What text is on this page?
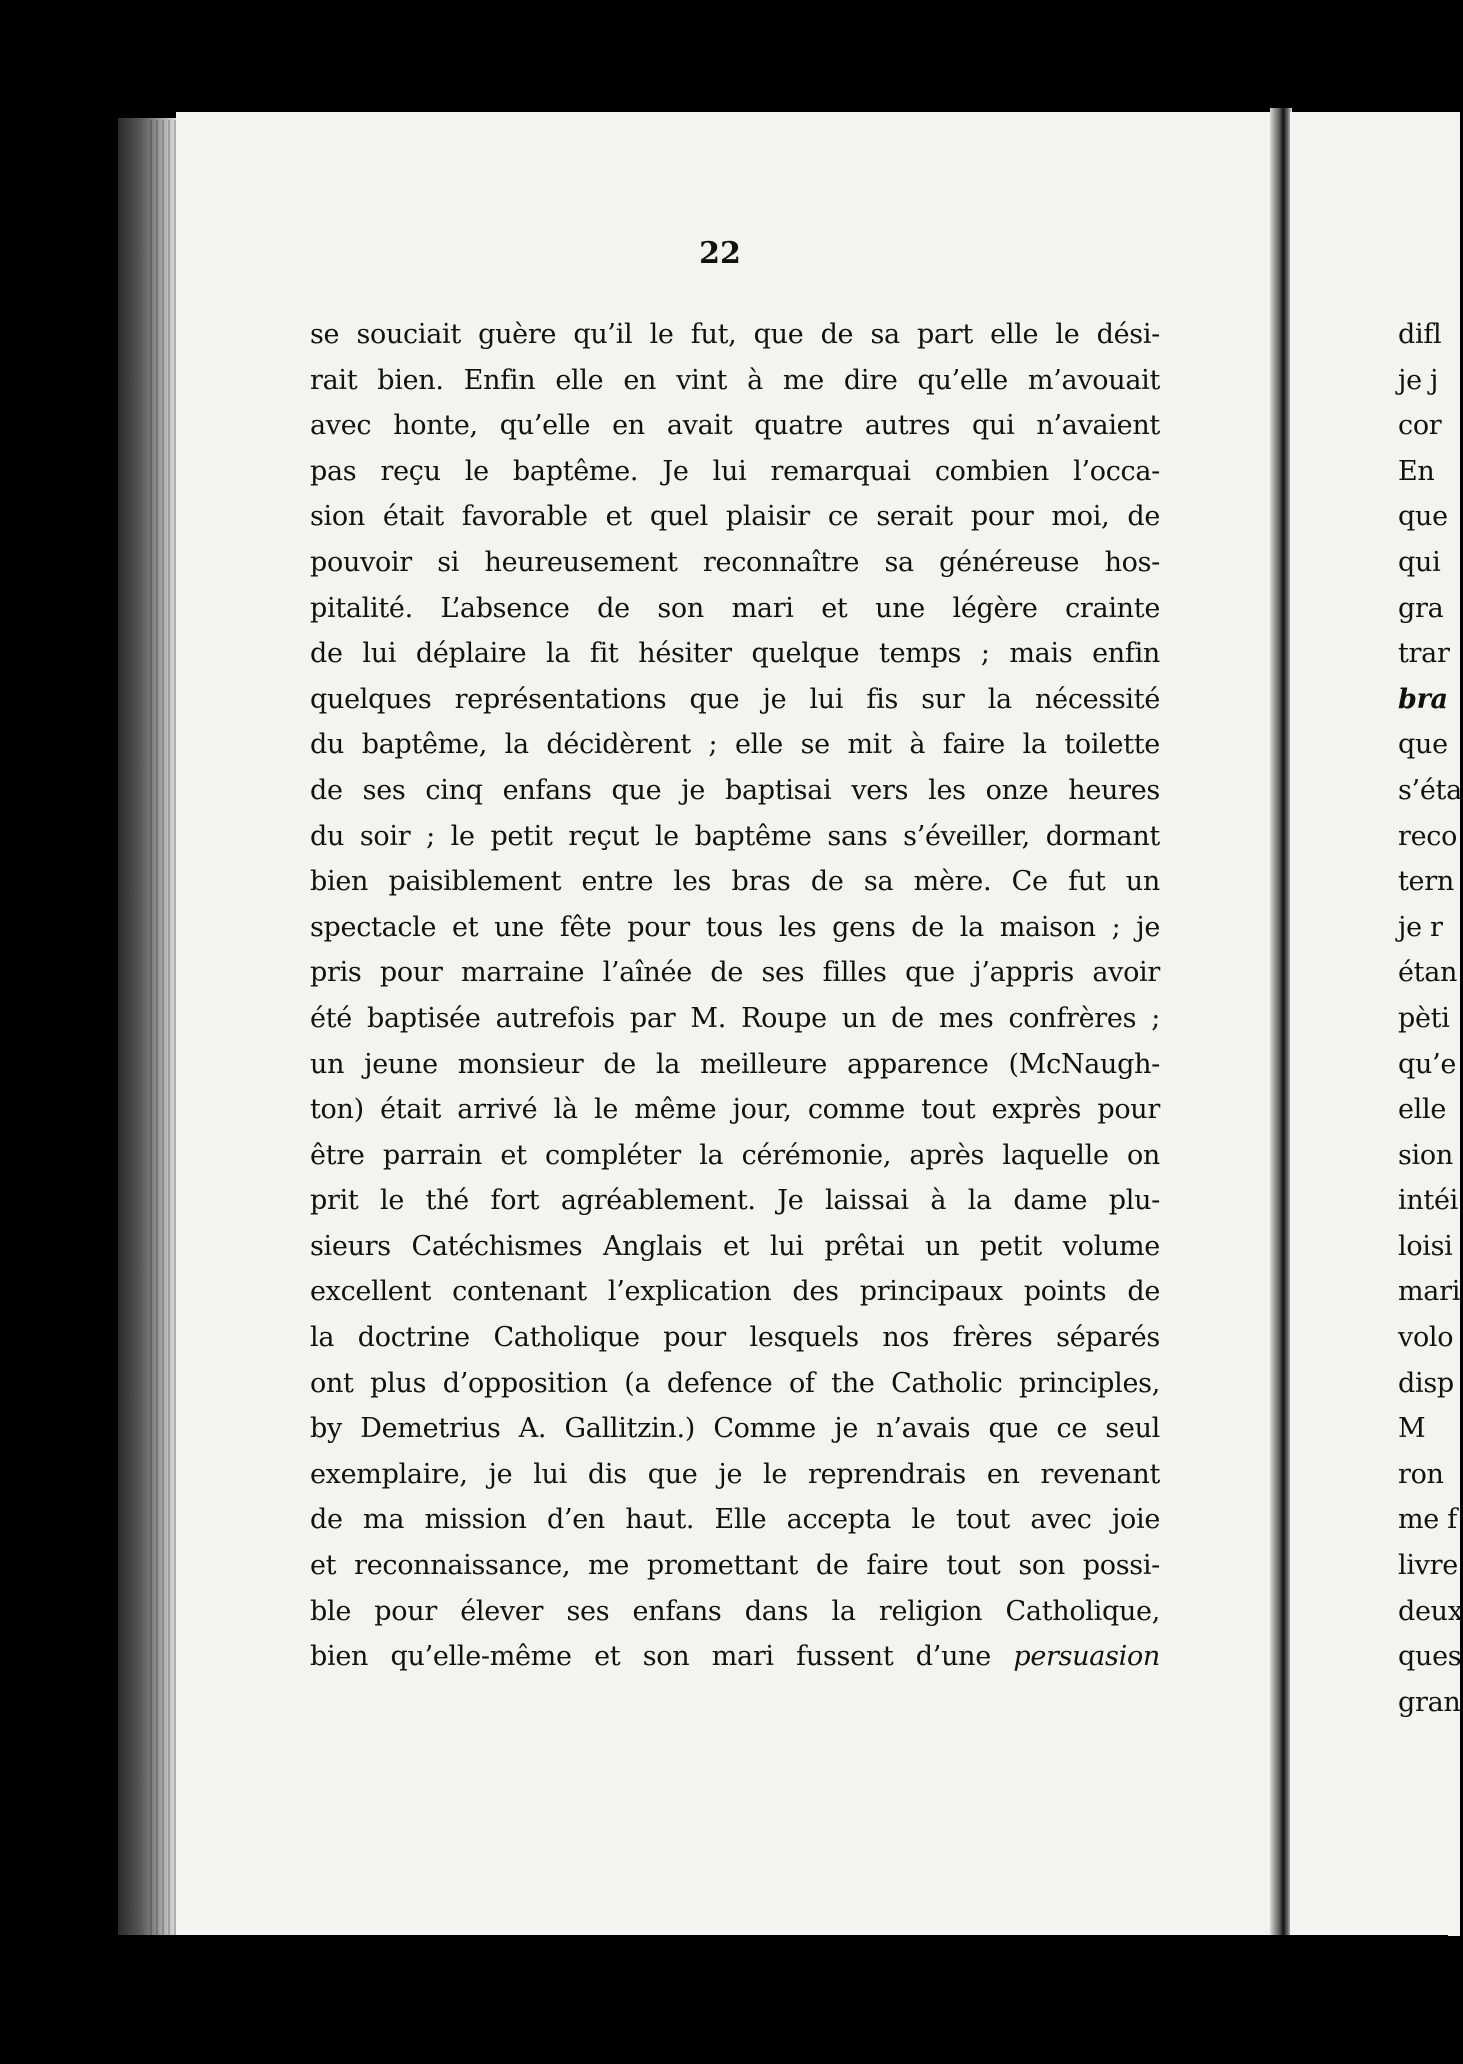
22

se souciait guère qu’il le fut, que de sa part elle le dési-
rait bien. Enfin elle en vint à me dire qu’elle m’avouait
avec honte, qu’elle en avait quatre autres qui n’avaient
pas reçu le baptême. Je lui remarquai combien l’occa-
sion était favorable et quel plaisir ce serait pour moi, de
pouvoir si heureusement reconnaître sa généreuse hos-
pitalité. L’absence de son mari et une légère crainte
de lui déplaire la fit hésiter quelque temps ; mais enfin
quelques représentations que je lui fis sur la nécessité
du baptême, la décidèrent ; elle se mit à faire la toilette
de ses cinq enfans que je baptisai vers les onze heures
du soir ; le petit reçut le baptême sans s’éveiller, dormant
bien paisiblement entre les bras de sa mère. Ce fut un
spectacle et une fête pour tous les gens de la maison ; je
pris pour marraine l’aînée de ses filles que j’appris avoir
été baptisée autrefois par M. Roupe un de mes confrères ;
un jeune monsieur de la meilleure apparence (McNaugh-
ton) était arrivé là le même jour, comme tout exprès pour
être parrain et compléter la cérémonie, après laquelle on
prit le thé fort agréablement. Je laissai à la dame plu-
sieurs Catéchismes Anglais et lui prêtai un petit volume
excellent contenant l’explication des principaux points de
la doctrine Catholique pour lesquels nos frères séparés
ont plus d’opposition (a defence of the Catholic principles,
by Demetrius A. Gallitzin.) Comme je n’avais que ce seul
exemplaire, je lui dis que je le reprendrais en revenant
de ma mission d’en haut. Elle accepta le tout avec joie
et reconnaissance, me promettant de faire tout son possi-
ble pour élever ses enfans dans la religion Catholique,
bien qu’elle-même et son mari fussent d’une persuasion
difl
je j
cor
En
que
qui
gra
trar
bra
que
s’éta
reco
tern
je r
étan
pèti
qu’e
elle
sion
intéi
loisi
mari
volo
disp
M
ron
me f
livre
deux
ques
gran
